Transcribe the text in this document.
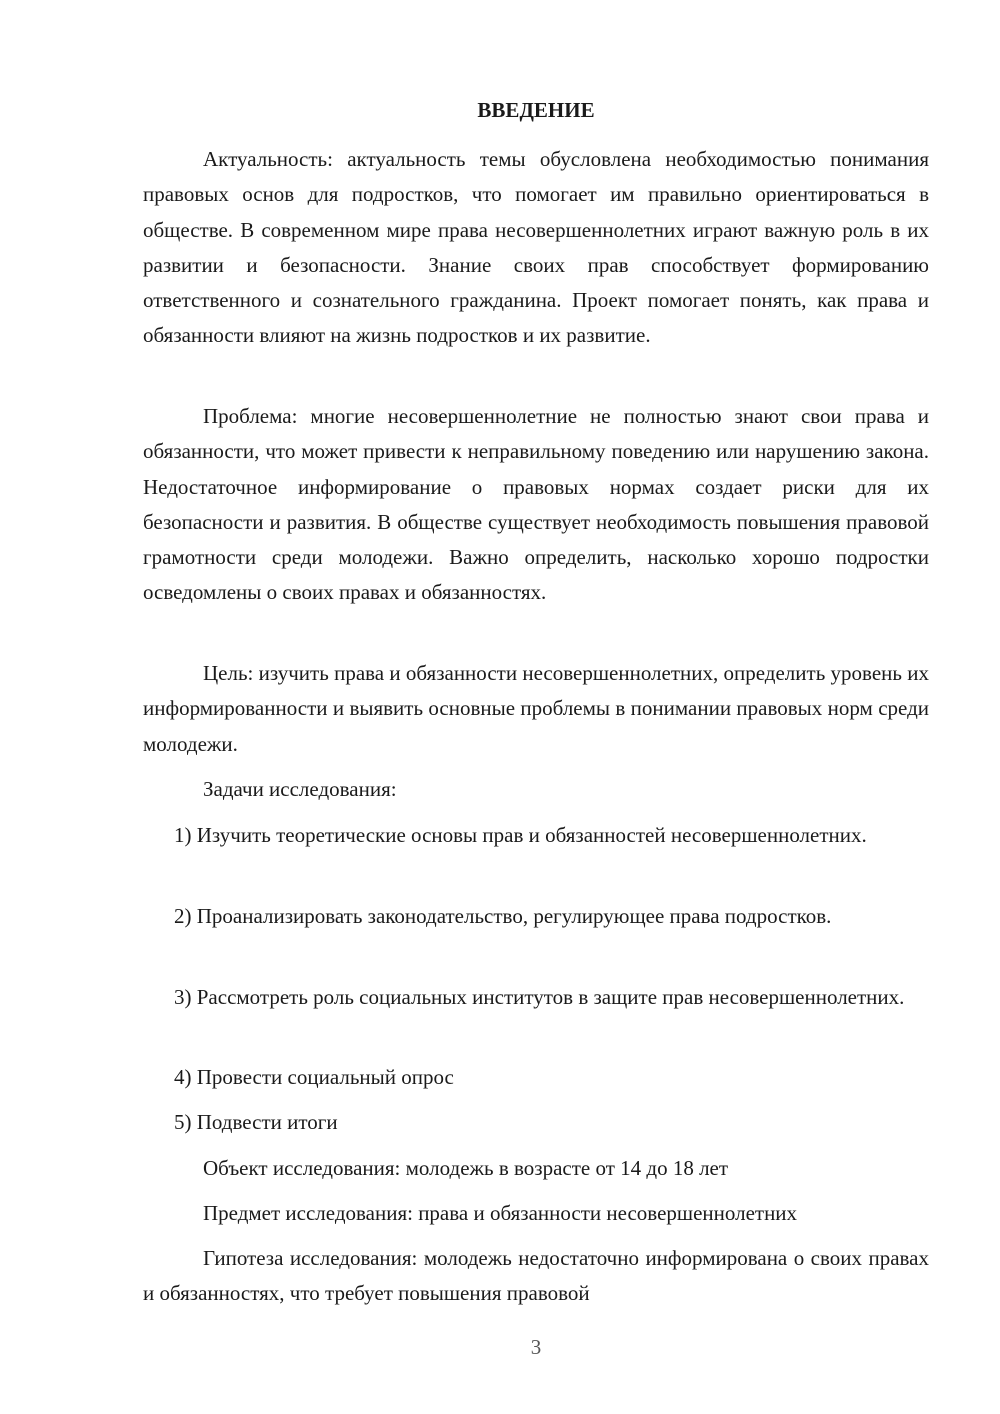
ВВЕДЕНИЕ

Актуальность: актуальность темы обусловлена необходимостью понимания правовых основ для подростков, что помогает им правильно ориентироваться в обществе. В современном мире права несовершеннолетних играют важную роль в их развитии и безопасности. Знание своих прав способствует формированию ответственного и сознательного гражданина. Проект помогает понять, как права и обязанности влияют на жизнь подростков и их развитие.

Проблема: многие несовершеннолетние не полностью знают свои права и обязанности, что может привести к неправильному поведению или нарушению закона. Недостаточное информирование о правовых нормах создает риски для их безопасности и развития. В обществе существует необходимость повышения правовой грамотности среди молодежи. Важно определить, насколько хорошо подростки осведомлены о своих правах и обязанностях.

Цель: изучить права и обязанности несовершеннолетних, определить уровень их информированности и выявить основные проблемы в понимании правовых норм среди молодежи.

Задачи исследования:

1) Изучить теоретические основы прав и обязанностей несовершеннолетних.

2) Проанализировать законодательство, регулирующее права подростков.

3) Рассмотреть роль социальных институтов в защите прав несовершеннолетних.

4) Провести социальный опрос

5) Подвести итоги

Объект исследования: молодежь в возрасте от 14 до 18 лет

Предмет исследования: права и обязанности несовершеннолетних

Гипотеза исследования: молодежь недостаточно информирована о своих правах и обязанностях, что требует повышения правовой

3
